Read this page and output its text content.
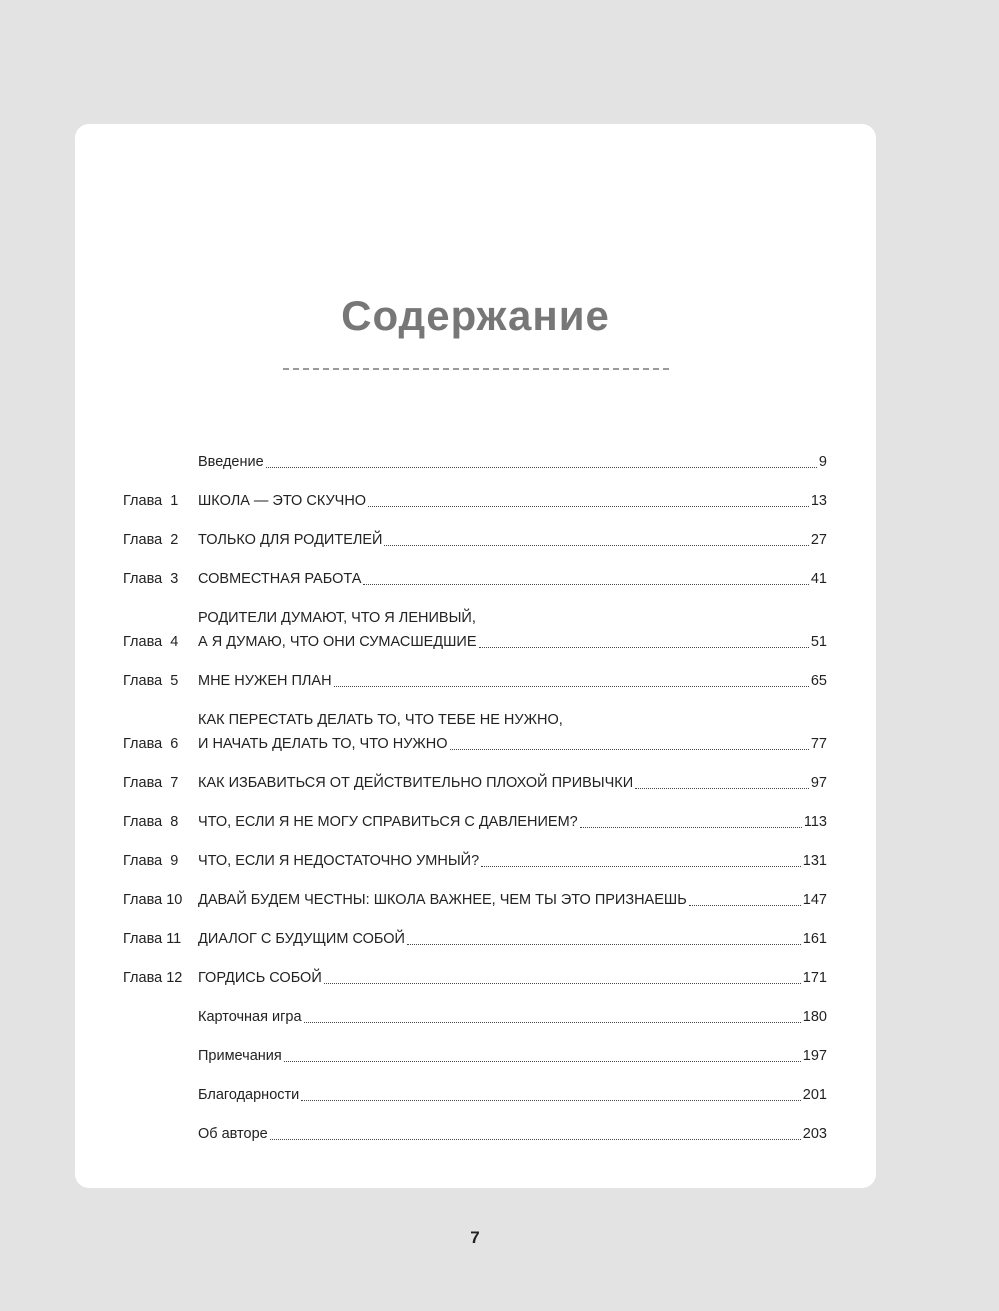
Содержание
Введение	9
Глава  1	ШКОЛА — ЭТО СКУЧНО	13
Глава  2	ТОЛЬКО ДЛЯ РОДИТЕЛЕЙ	27
Глава  3	СОВМЕСТНАЯ РАБОТА	41
Глава  4
РОДИТЕЛИ ДУМАЮТ, ЧТО Я ЛЕНИВЫЙ,
А Я ДУМАЮ, ЧТО ОНИ СУМАСШЕДШИЕ	51
Глава  5	МНЕ НУЖЕН ПЛАН	65
Глава  6
КАК ПЕРЕСТАТЬ ДЕЛАТЬ ТО, ЧТО ТЕБЕ НЕ НУЖНО,
И НАЧАТЬ ДЕЛАТЬ ТО, ЧТО НУЖНО	77
Глава  7	КАК ИЗБАВИТЬСЯ ОТ ДЕЙСТВИТЕЛЬНО ПЛОХОЙ ПРИВЫЧКИ	97
Глава  8	ЧТО, ЕСЛИ Я НЕ МОГУ СПРАВИТЬСЯ С ДАВЛЕНИЕМ?	113
Глава  9	ЧТО, ЕСЛИ Я НЕДОСТАТОЧНО УМНЫЙ?	131
Глава 10	ДАВАЙ БУДЕМ ЧЕСТНЫ: ШКОЛА ВАЖНЕЕ, ЧЕМ ТЫ ЭТО ПРИЗНАЕШЬ	147
Глава 11	ДИАЛОГ С БУДУЩИМ СОБОЙ	161
Глава 12	ГОРДИСЬ СОБОЙ	171
Карточная игра	180
Примечания	197
Благодарности	201
Об авторе	203
7
